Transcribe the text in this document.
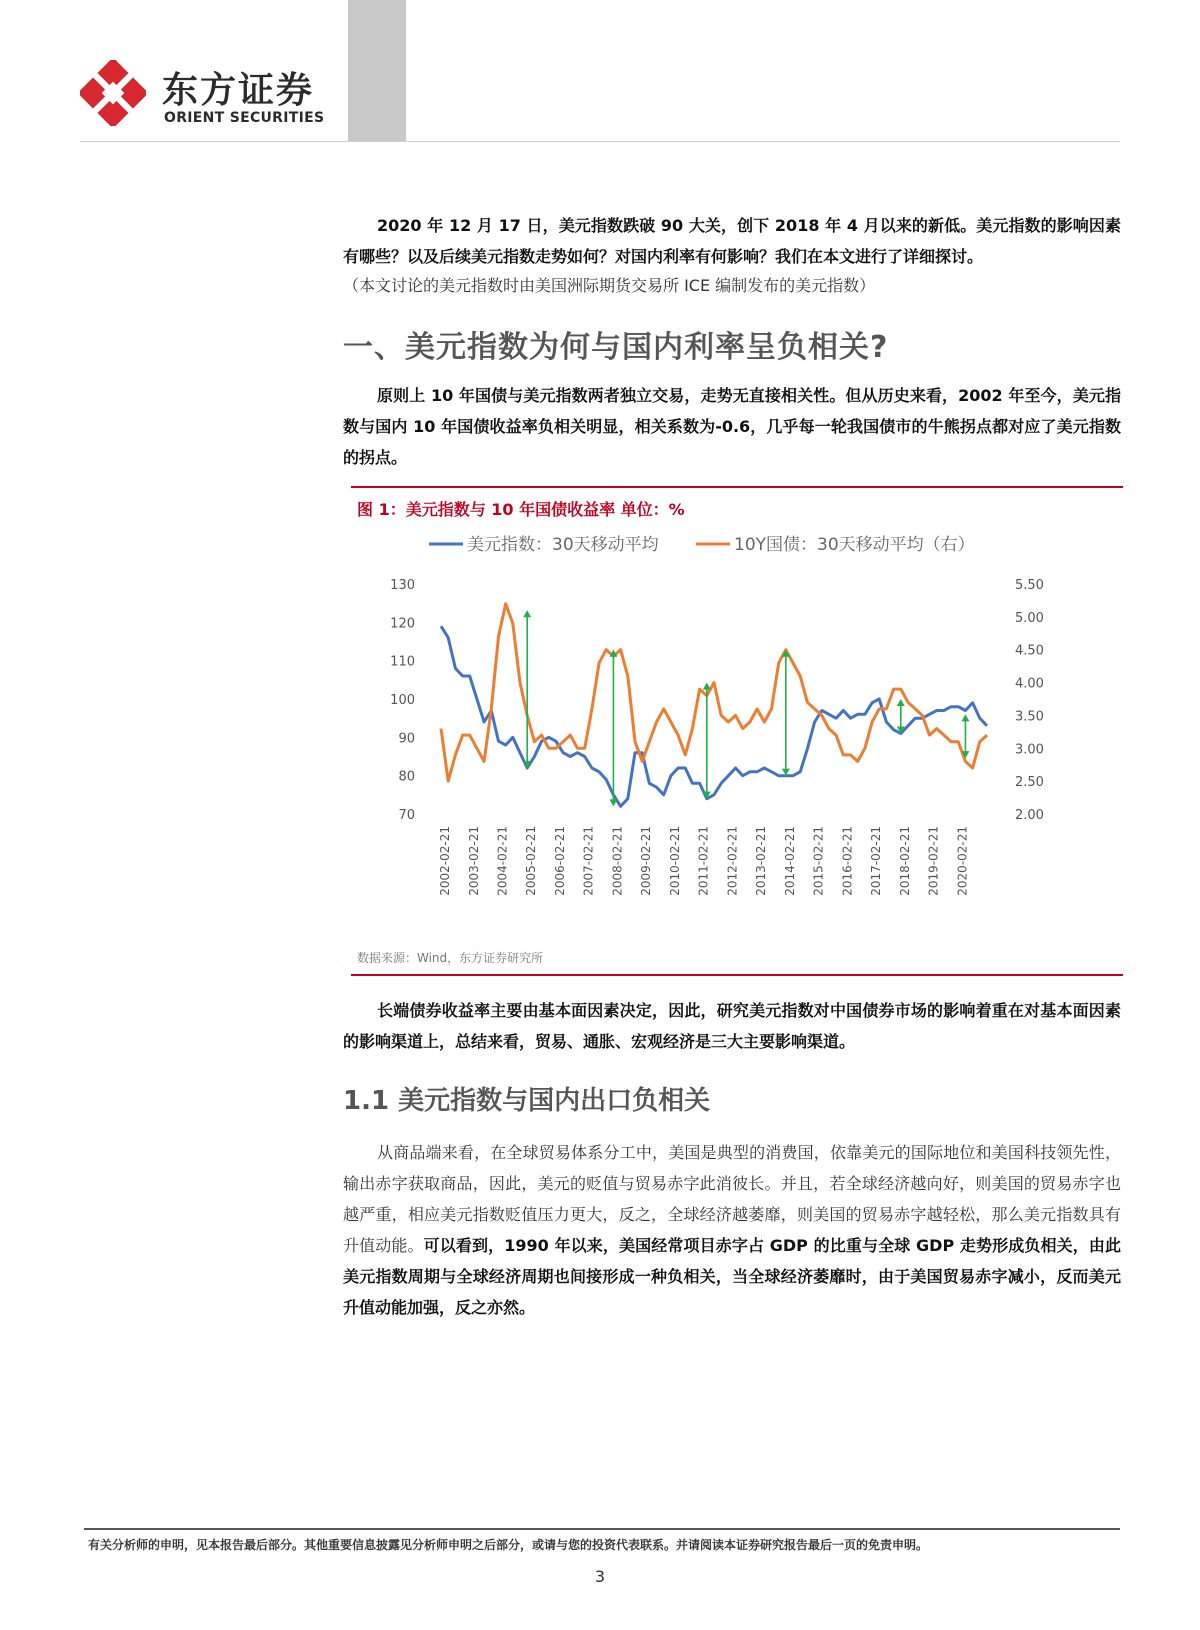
东方证券
ORIENT SECURITIES

2020 年 12 月 17 日，美元指数跌破 90 大关，创下 2018 年 4 月以来的新低。美元指数的影响因素有哪些？以及后续美元指数走势如何？对国内利率有何影响？我们在本文进行了详细探讨。

（本文讨论的美元指数时由美国洲际期货交易所 ICE 编制发布的美元指数）

一、美元指数为何与国内利率呈负相关?

原则上 10 年国债与美元指数两者独立交易，走势无直接相关性。但从历史来看，2002 年至今，美元指数与国内 10 年国债收益率负相关明显，相关系数为-0.6，几乎每一轮我国债市的牛熊拐点都对应了美元指数的拐点。

图 1：美元指数与 10 年国债收益率 单位：%
美元指数：30天移动平均	10Y国债：30天移动平均（右）
70
80
90
100
110
120
130
2.00
2.50
3.00
3.50
4.00
4.50
5.00
5.50
2002-02-21 2003-02-21 2004-02-21 2005-02-21 2006-02-21 2007-02-21 2008-02-21 2009-02-21 2010-02-21 2011-02-21 2012-02-21 2013-02-21 2014-02-21 2015-02-21 2016-02-21 2017-02-21 2018-02-21 2019-02-21 2020-02-21
数据来源：Wind，东方证券研究所

长端债券收益率主要由基本面因素决定，因此，研究美元指数对中国债券市场的影响着重在对基本面因素的影响渠道上，总结来看，贸易、通胀、宏观经济是三大主要影响渠道。

1.1 美元指数与国内出口负相关

从商品端来看，在全球贸易体系分工中，美国是典型的消费国，依靠美元的国际地位和美国科技领先性，输出赤字获取商品，因此，美元的贬值与贸易赤字此消彼长。并且，若全球经济越向好，则美国的贸易赤字也越严重，相应美元指数贬值压力更大，反之，全球经济越萎靡，则美国的贸易赤字越轻松，那么美元指数具有升值动能。可以看到，1990 年以来，美国经常项目赤字占 GDP 的比重与全球 GDP 走势形成负相关，由此美元指数周期与全球经济周期也间接形成一种负相关，当全球经济萎靡时，由于美国贸易赤字减小，反而美元升值动能加强，反之亦然。

有关分析师的申明，见本报告最后部分。其他重要信息披露见分析师申明之后部分，或请与您的投资代表联系。并请阅读本证券研究报告最后一页的免责申明。
3
